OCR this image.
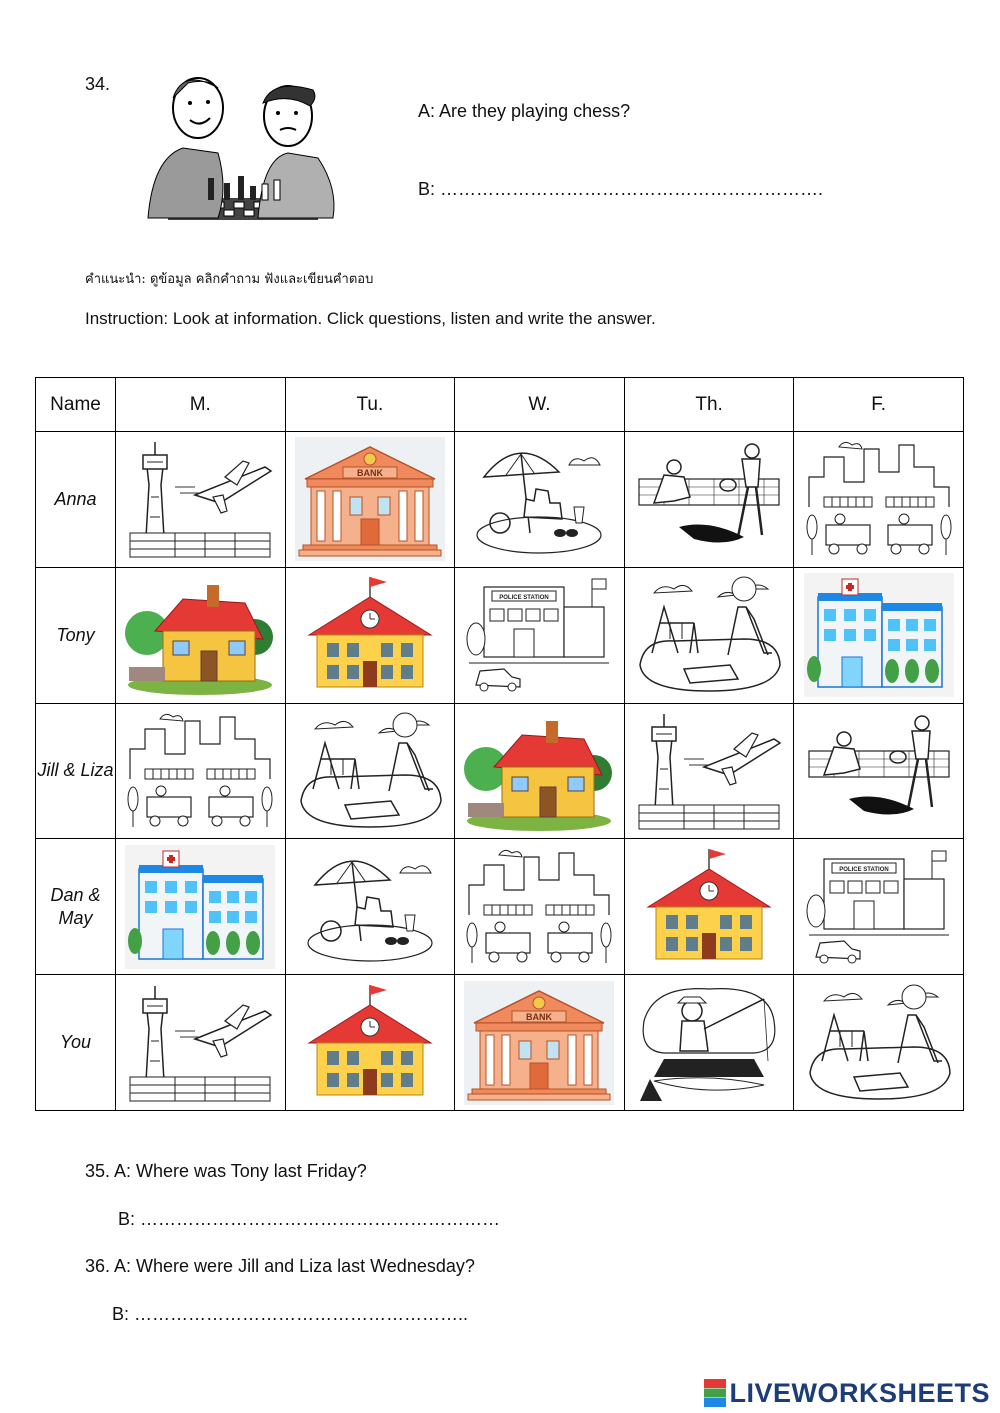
34.
A: Are they playing chess?
B: ……………………………………………………….
คำแนะนำ: ดูข้อมูล คลิกคำถาม ฟังและเขียนคำตอบ
Instruction: Look at information. Click questions, listen and write the answer.
Name	M.	Tu.	W.	Th.	F.
Anna	

Tony	

Jill & Liza	

Dan & May	

You	

35. A: Where was Tony last Friday?
B: ……………………………………………………
36. A: Where were Jill and Liza last Wednesday?
B: ………………………………………………..
LIVEWORKSHEETS
